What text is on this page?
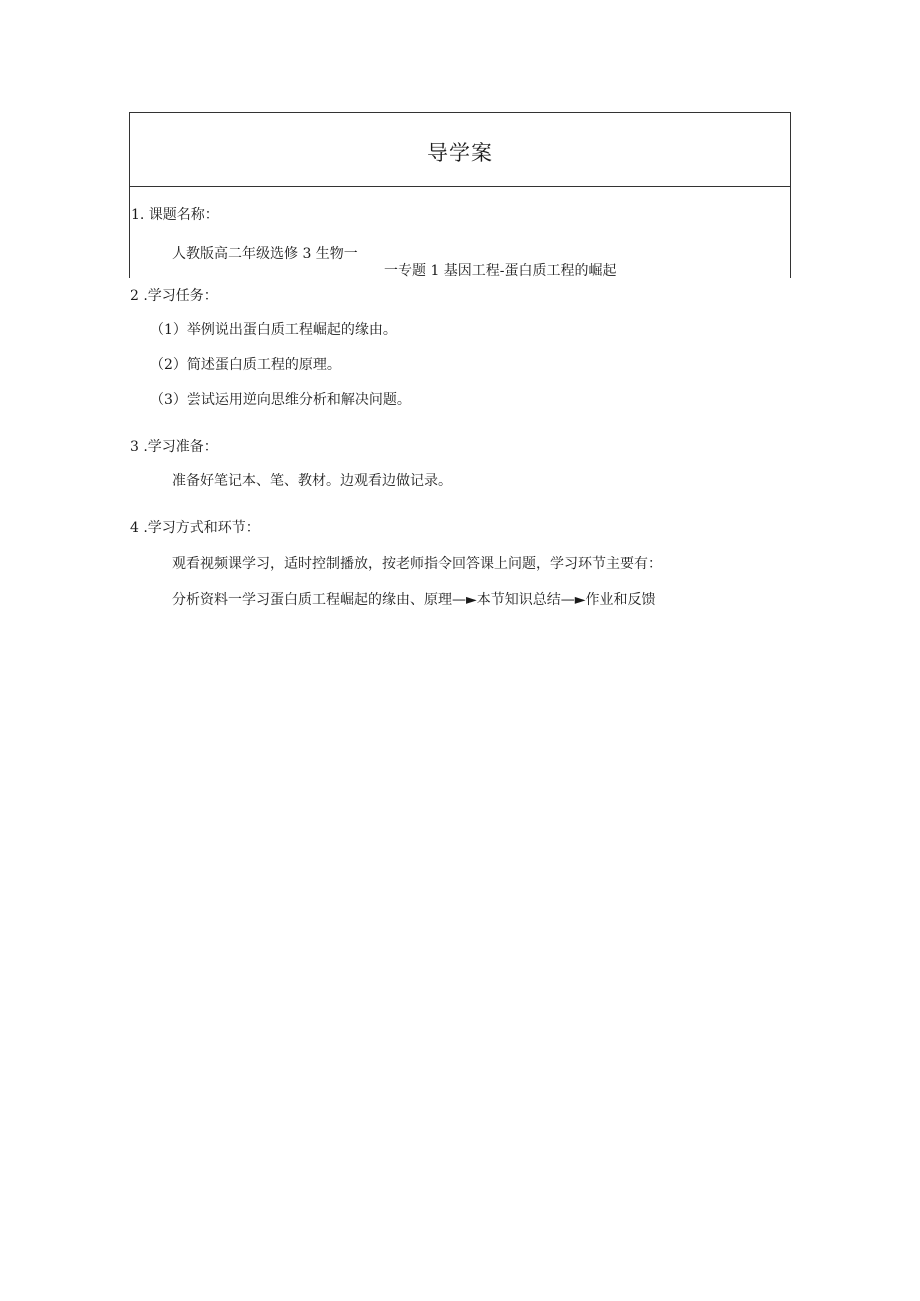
导学案
1. 课题名称：
人教版高二年级选修 3 生物一
一专题 1 基因工程-蛋白质工程的崛起
2 .学习任务：
（1）举例说出蛋白质工程崛起的缘由。
（2）简述蛋白质工程的原理。
（3）尝试运用逆向思维分析和解决问题。
3 .学习准备：
准备好笔记本、笔、教材。边观看边做记录。
4 .学习方式和环节：
观看视频课学习，适时控制播放，按老师指令回答课上问题，学习环节主要有：
分析资料一学习蛋白质工程崛起的缘由、原理—►本节知识总结—►作业和反馈
